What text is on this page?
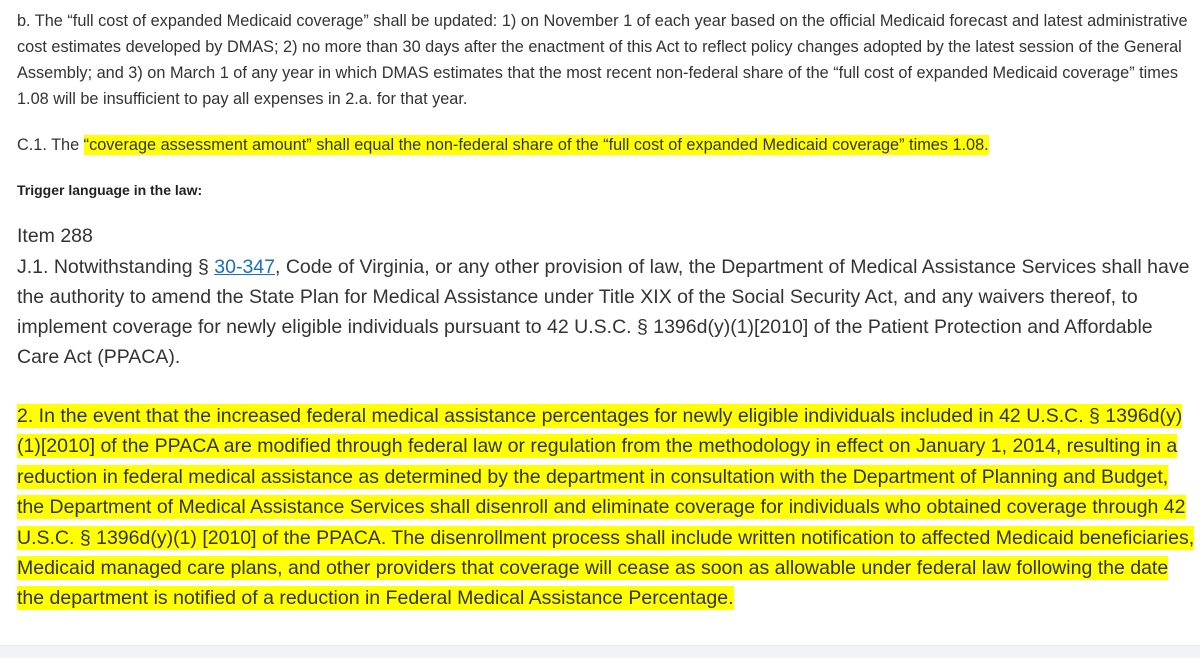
b. The “full cost of expanded Medicaid coverage” shall be updated: 1) on November 1 of each year based on the official Medicaid forecast and latest administrative cost estimates developed by DMAS; 2) no more than 30 days after the enactment of this Act to reflect policy changes adopted by the latest session of the General Assembly; and 3) on March 1 of any year in which DMAS estimates that the most recent non-federal share of the “full cost of expanded Medicaid coverage” times 1.08 will be insufficient to pay all expenses in 2.a. for that year.

C.1. The “coverage assessment amount” shall equal the non-federal share of the “full cost of expanded Medicaid coverage” times 1.08.

Trigger language in the law:
Item 288

J.1. Notwithstanding § 30-347, Code of Virginia, or any other provision of law, the Department of Medical Assistance Services shall have the authority to amend the State Plan for Medical Assistance under Title XIX of the Social Security Act, and any waivers thereof, to implement coverage for newly eligible individuals pursuant to 42 U.S.C. § 1396d(y)(1)[2010] of the Patient Protection and Affordable Care Act (PPACA).

2. In the event that the increased federal medical assistance percentages for newly eligible individuals included in 42 U.S.C. § 1396d(y)(1)[2010] of the PPACA are modified through federal law or regulation from the methodology in effect on January 1, 2014, resulting in a reduction in federal medical assistance as determined by the department in consultation with the Department of Planning and Budget, the Department of Medical Assistance Services shall disenroll and eliminate coverage for individuals who obtained coverage through 42 U.S.C. § 1396d(y)(1) [2010] of the PPACA. The disenrollment process shall include written notification to affected Medicaid beneficiaries, Medicaid managed care plans, and other providers that coverage will cease as soon as allowable under federal law following the date the department is notified of a reduction in Federal Medical Assistance Percentage.
